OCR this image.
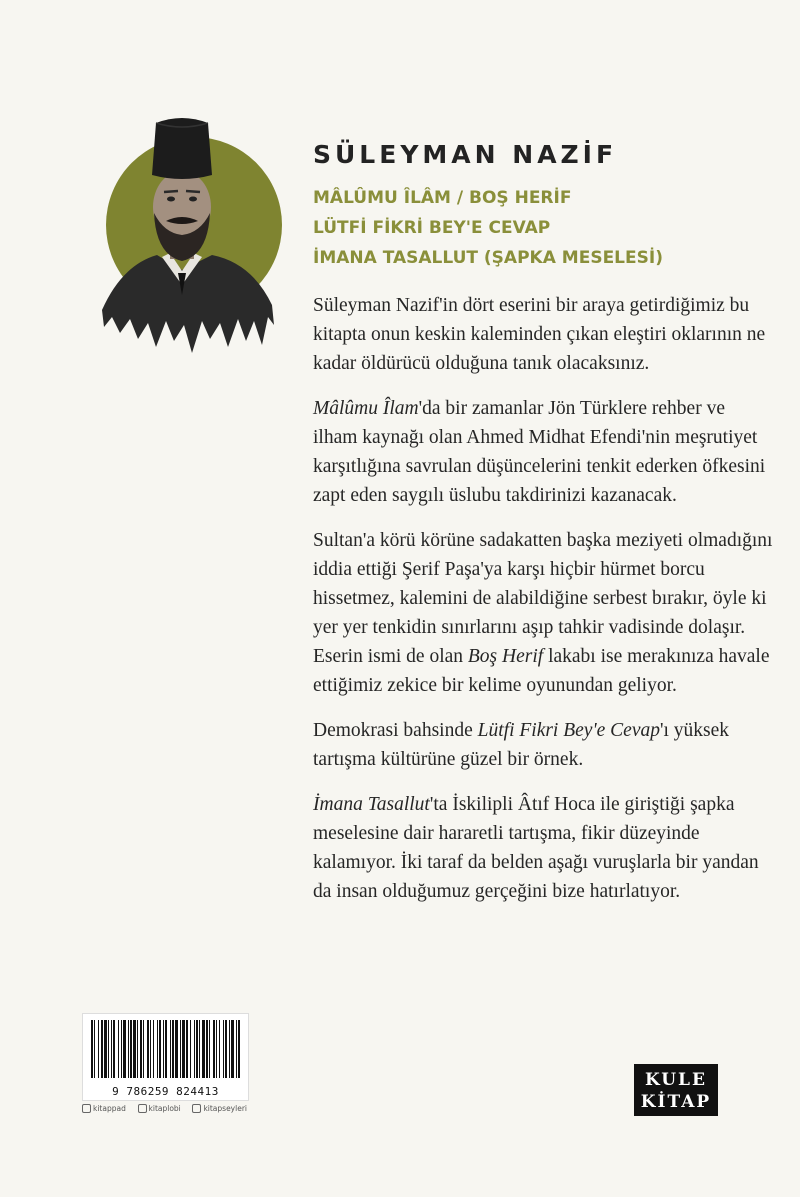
SÜLEYMAN NAZİF
MÂLÛMU ÎLÂM / BOŞ HERİF
LÜTFİ FİKRİ BEY'E CEVAP
İMANA TASALLUT (ŞAPKA MESELESİ)

Süleyman Nazif'in dört eserini bir araya getirdiğimiz bu kitapta onun keskin kaleminden çıkan eleştiri oklarının ne kadar öldürücü olduğuna tanık olacaksınız.

Mâlûmu Îlam'da bir zamanlar Jön Türklere rehber ve ilham kaynağı olan Ahmed Midhat Efendi'nin meşrutiyet karşıtlığına savrulan düşüncelerini tenkit ederken öfkesini zapt eden saygılı üslubu takdirinizi kazanacak.

Sultan'a körü körüne sadakatten başka meziyeti olmadığını iddia ettiği Şerif Paşa'ya karşı hiçbir hürmet borcu hissetmez, kalemini de alabildiğine serbest bırakır, öyle ki yer yer tenkidin sınırlarını aşıp tahkir vadisinde dolaşır. Eserin ismi de olan Boş Herif lakabı ise merakınıza havale ettiğimiz zekice bir kelime oyunundan geliyor.

Demokrasi bahsinde Lütfi Fikri Bey'e Cevap'ı yüksek tartışma kültürüne güzel bir örnek.

İmana Tasallut'ta İskilipli Âtıf Hoca ile giriştiği şapka meselesine dair hararetli tartışma, fikir düzeyinde kalamıyor. İki taraf da belden aşağı vuruşlarla bir yandan da insan olduğumuz gerçeğini bize hatırlatıyor.

9 786259 824413
kitappad	kitaplobi	kitapseyleri
KULE
KİTAP
